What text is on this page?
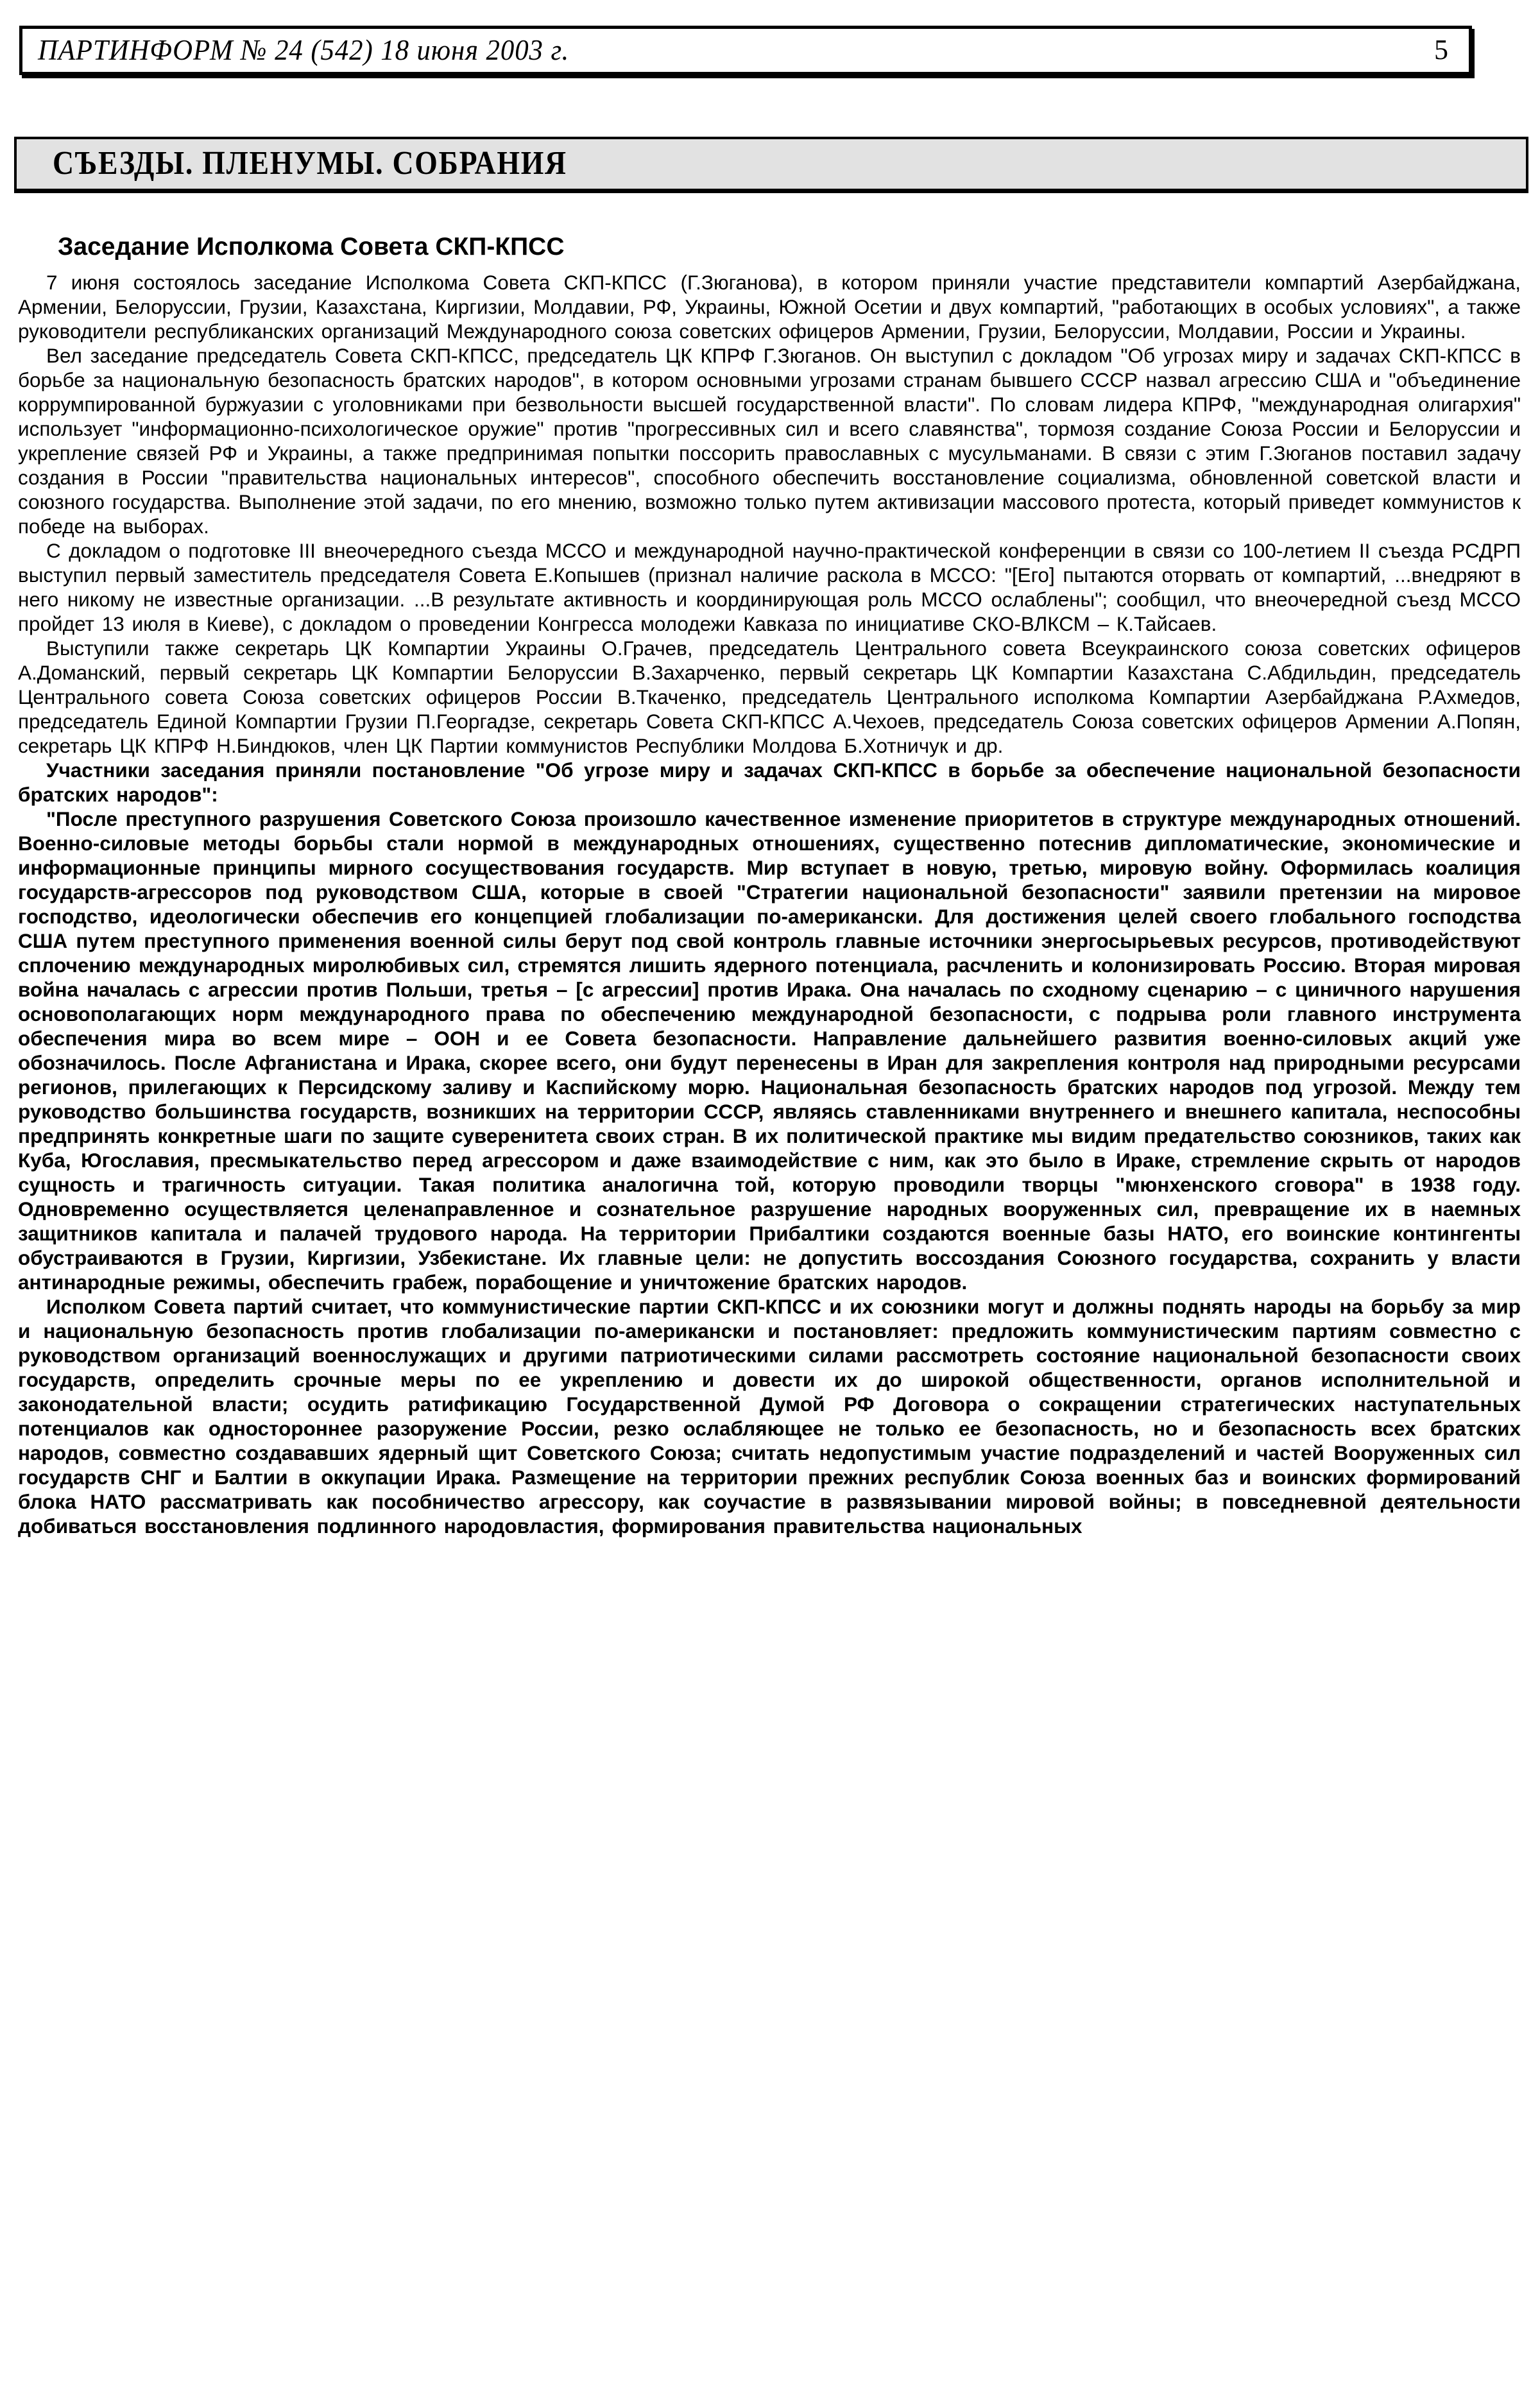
ПАРТИНФОРМ № 24 (542) 18 июня 2003 г.	5
СЪЕЗДЫ. ПЛЕНУМЫ. СОБРАНИЯ
Заседание Исполкома Совета СКП-КПСС

7 июня состоялось заседание Исполкома Совета СКП-КПСС (Г.Зюганова), в котором приняли участие представители компартий Азербайджана, Армении, Белоруссии, Грузии, Казахстана, Киргизии, Молдавии, РФ, Украины, Южной Осетии и двух компартий, "работающих в особых условиях", а также руководители республиканских организаций Международного союза советских офицеров Армении, Грузии, Белоруссии, Молдавии, России и Украины.

Вел заседание председатель Совета СКП-КПСС, председатель ЦК КПРФ Г.Зюганов. Он выступил с докладом "Об угрозах миру и задачах СКП-КПСС в борьбе за национальную безопасность братских народов", в котором основными угрозами странам бывшего СССР назвал агрессию США и "объединение коррумпированной буржуазии с уголовниками при безвольности высшей государственной власти". По словам лидера КПРФ, "международная олигархия" использует "информационно-психологическое оружие" против "прогрессивных сил и всего славянства", тормозя создание Союза России и Белоруссии и укрепление связей РФ и Украины, а также предпринимая попытки поссорить православных с мусульманами. В связи с этим Г.Зюганов поставил задачу создания в России "правительства национальных интересов", способного обеспечить восстановление социализма, обновленной советской власти и союзного государства. Выполнение этой задачи, по его мнению, возможно только путем активизации массового протеста, который приведет коммунистов к победе на выборах.

С докладом о подготовке III внеочередного съезда МССО и международной научно-практической конференции в связи со 100-летием II съезда РСДРП выступил первый заместитель председателя Совета Е.Копышев (признал наличие раскола в МССО: "[Его] пытаются оторвать от компартий, ...внедряют в него никому не известные организации. ...В результате активность и координирующая роль МССО ослаблены"; сообщил, что внеочередной съезд МССО пройдет 13 июля в Киеве), с докладом о проведении Конгресса молодежи Кавказа по инициативе СКО-ВЛКСМ – К.Тайсаев.

Выступили также секретарь ЦК Компартии Украины О.Грачев, председатель Центрального совета Всеукраинского союза советских офицеров А.Доманский, первый секретарь ЦК Компартии Белоруссии В.Захарченко, первый секретарь ЦК Компартии Казахстана С.Абдильдин, председатель Центрального совета Союза советских офицеров России В.Ткаченко, председатель Центрального исполкома Компартии Азербайджана Р.Ахмедов, председатель Единой Компартии Грузии П.Георгадзе, секретарь Совета СКП-КПСС А.Чехоев, председатель Союза советских офицеров Армении А.Попян, секретарь ЦК КПРФ Н.Биндюков, член ЦК Партии коммунистов Республики Молдова Б.Хотничук и др.

Участники заседания приняли постановление "Об угрозе миру и задачах СКП-КПСС в борьбе за обеспечение национальной безопасности братских народов":

"После преступного разрушения Советского Союза произошло качественное изменение приоритетов в структуре международных отношений. Военно-силовые методы борьбы стали нормой в международных отношениях, существенно потеснив дипломатические, экономические и информационные принципы мирного сосуществования государств. Мир вступает в новую, третью, мировую войну. Оформилась коалиция государств-агрессоров под руководством США, которые в своей "Стратегии национальной безопасности" заявили претензии на мировое господство, идеологически обеспечив его концепцией глобализации по-американски. Для достижения целей своего глобального господства США путем преступного применения военной силы берут под свой контроль главные источники энергосырьевых ресурсов, противодействуют сплочению международных миролюбивых сил, стремятся лишить ядерного потенциала, расчленить и колонизировать Россию. Вторая мировая война началась с агрессии против Польши, третья – [с агрессии] против Ирака. Она началась по сходному сценарию – с циничного нарушения основополагающих норм международного права по обеспечению международной безопасности, с подрыва роли главного инструмента обеспечения мира во всем мире – ООН и ее Совета безопасности. Направление дальнейшего развития военно-силовых акций уже обозначилось. После Афганистана и Ирака, скорее всего, они будут перенесены в Иран для закрепления контроля над природными ресурсами регионов, прилегающих к Персидскому заливу и Каспийскому морю. Национальная безопасность братских народов под угрозой. Между тем руководство большинства государств, возникших на территории СССР, являясь ставленниками внутреннего и внешнего капитала, неспособны предпринять конкретные шаги по защите суверенитета своих стран. В их политической практике мы видим предательство союзников, таких как Куба, Югославия, пресмыкательство перед агрессором и даже взаимодействие с ним, как это было в Ираке, стремление скрыть от народов сущность и трагичность ситуации. Такая политика аналогична той, которую проводили творцы "мюнхенского сговора" в 1938 году. Одновременно осуществляется целенаправленное и сознательное разрушение народных вооруженных сил, превращение их в наемных защитников капитала и палачей трудового народа. На территории Прибалтики создаются военные базы НАТО, его воинские контингенты обустраиваются в Грузии, Киргизии, Узбекистане. Их главные цели: не допустить воссоздания Союзного государства, сохранить у власти антинародные режимы, обеспечить грабеж, порабощение и уничтожение братских народов.

Исполком Совета партий считает, что коммунистические партии СКП-КПСС и их союзники могут и должны поднять народы на борьбу за мир и национальную безопасность против глобализации по-американски и постановляет: предложить коммунистическим партиям совместно с руководством организаций военнослужащих и другими патриотическими силами рассмотреть состояние национальной безопасности своих государств, определить срочные меры по ее укреплению и довести их до широкой общественности, органов исполнительной и законодательной власти; осудить ратификацию Государственной Думой РФ Договора о сокращении стратегических наступательных потенциалов как одностороннее разоружение России, резко ослабляющее не только ее безопасность, но и безопасность всех братских народов, совместно создававших ядерный щит Советского Союза; считать недопустимым участие подразделений и частей Вооруженных сил государств СНГ и Балтии в оккупации Ирака. Размещение на территории прежних республик Союза военных баз и воинских формирований блока НАТО рассматривать как пособничество агрессору, как соучастие в развязывании мировой войны; в повседневной деятельности добиваться восстановления подлинного народовластия, формирования правительства национальных
